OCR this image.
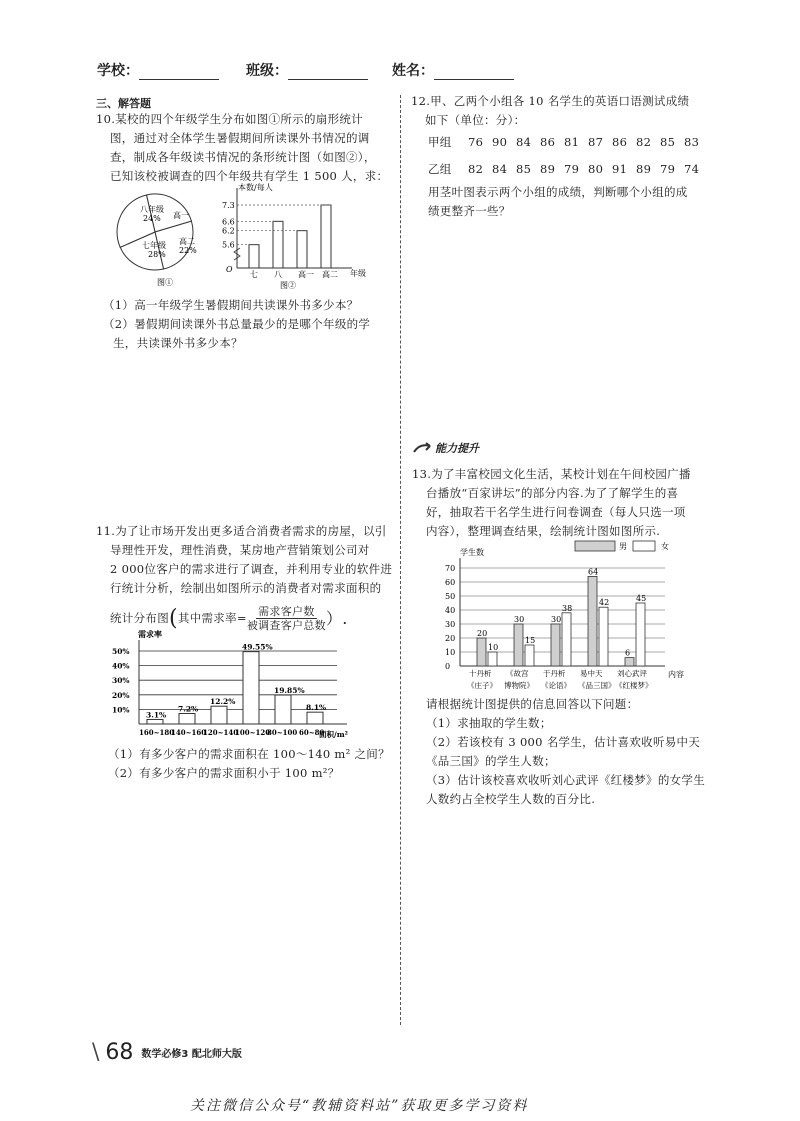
学校：	班级：	姓名：
三、解答题
10.某校的四个年级学生分布如图①所示的扇形统计
图，通过对全体学生暑假期间所读课外书情况的调
查，制成各年级读书情况的条形统计图（如图②），
已知该校被调查的四个年级共有学生 1 500 人，求：
八年级
24% 高一
高二
22%
七年级
28%
图①
本数/每人
年级
O
七 八 高一 高二
7.3
6.6
6.2
5.6
图②
（1）高一年级学生暑假期间共读课外书多少本？
（2）暑假期间读课外书总量最少的是哪个年级的学
生，共读课外书多少本？
11.为了让市场开发出更多适合消费者需求的房屋，以引
导理性开发，理性消费，某房地产营销策划公司对
2 000位客户的需求进行了调查，并利用专业的软件进
行统计分析，绘制出如图所示的消费者对需求面积的
统计分布图 ( 其中需求率= 需求客户数
被调查客户总数 ）.
需求率
50%
40%
30%
20%
10%
3.1%
160~180
7.2%
140~160
12.2%
120~140
49.55%
100~120
19.85%
80~100
8.1%
60~80
面积/m²
（1）有多少客户的需求面积在 100～140 m² 之间？
（2）有多少客户的需求面积小于 100 m²？
12.甲、乙两个小组各 10 名学生的英语口语测试成绩
如下（单位：分）：
甲组	76 90 84 86 81 87 86 82 85 83
乙组	82 84 85 89 79 80 91 89 79 74
用茎叶图表示两个小组的成绩，判断哪个小组的成
绩更整齐一些？
能力提升
13.为了丰富校园文化生活，某校计划在午间校园广播
台播放“百家讲坛”的部分内容.为了了解学生的喜
好，抽取若干名学生进行问卷调查（每人只选一项
内容），整理调查结果，绘制统计图如图所示.
学生数
男	女
70
60
50
40
30
20
10
0
20
10
十丹析
《庄子》
30
15
《故宫
博物院》
30
38
于丹析
《论语》
64
42
易中天
《品三国》
6
45
刘心武评
《红楼梦》
内容
请根据统计图提供的信息回答以下问题：
（1）求抽取的学生数；
（2）若该校有 3 000 名学生，估计喜欢收听易中天
《品三国》的学生人数；
（3）估计该校喜欢收听刘心武评《红楼梦》的女学生
人数约占全校学生人数的百分比.
\ 68 数学必修3 配北师大版
关注微信公众号“教辅资料站”获取更多学习资料
